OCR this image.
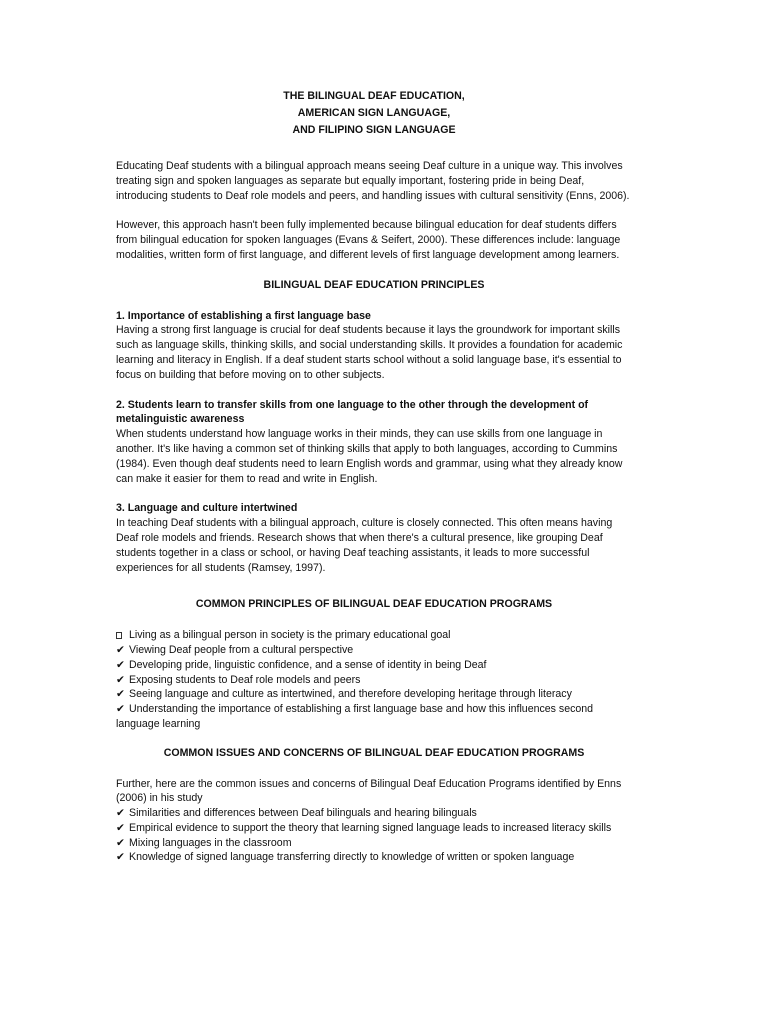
THE BILINGUAL DEAF EDUCATION,
AMERICAN SIGN LANGUAGE,
AND FILIPINO SIGN LANGUAGE

Educating Deaf students with a bilingual approach means seeing Deaf culture in a unique way. This involves treating sign and spoken languages as separate but equally important, fostering pride in being Deaf, introducing students to Deaf role models and peers, and handling issues with cultural sensitivity (Enns, 2006).

However, this approach hasn't been fully implemented because bilingual education for deaf students differs from bilingual education for spoken languages (Evans & Seifert, 2000). These differences include: language modalities, written form of first language, and different levels of first language development among learners.

BILINGUAL DEAF EDUCATION PRINCIPLES
1. Importance of establishing a first language base

Having a strong first language is crucial for deaf students because it lays the groundwork for important skills such as language skills, thinking skills, and social understanding skills. It provides a foundation for academic learning and literacy in English. If a deaf student starts school without a solid language base, it's essential to focus on building that before moving on to other subjects.

2. Students learn to transfer skills from one language to the other through the development of metalinguistic awareness

When students understand how language works in their minds, they can use skills from one language in another. It's like having a common set of thinking skills that apply to both languages, according to Cummins (1984). Even though deaf students need to learn English words and grammar, using what they already know can make it easier for them to read and write in English.

3. Language and culture intertwined

In teaching Deaf students with a bilingual approach, culture is closely connected. This often means having Deaf role models and friends. Research shows that when there's a cultural presence, like grouping Deaf students together in a class or school, or having Deaf teaching assistants, it leads to more successful experiences for all students (Ramsey, 1997).

COMMON PRINCIPLES OF BILINGUAL DEAF EDUCATION PROGRAMS
Living as a bilingual person in society is the primary educational goal
✔ Viewing Deaf people from a cultural perspective
✔ Developing pride, linguistic confidence, and a sense of identity in being Deaf
✔ Exposing students to Deaf role models and peers
✔ Seeing language and culture as intertwined, and therefore developing heritage through literacy
✔ Understanding the importance of establishing a first language base and how this influences second language learning
COMMON ISSUES AND CONCERNS OF BILINGUAL DEAF EDUCATION PROGRAMS

Further, here are the common issues and concerns of Bilingual Deaf Education Programs identified by Enns (2006) in his study

✔ Similarities and differences between Deaf bilinguals and hearing bilinguals
✔ Empirical evidence to support the theory that learning signed language leads to increased literacy skills
✔ Mixing languages in the classroom
✔ Knowledge of signed language transferring directly to knowledge of written or spoken language
